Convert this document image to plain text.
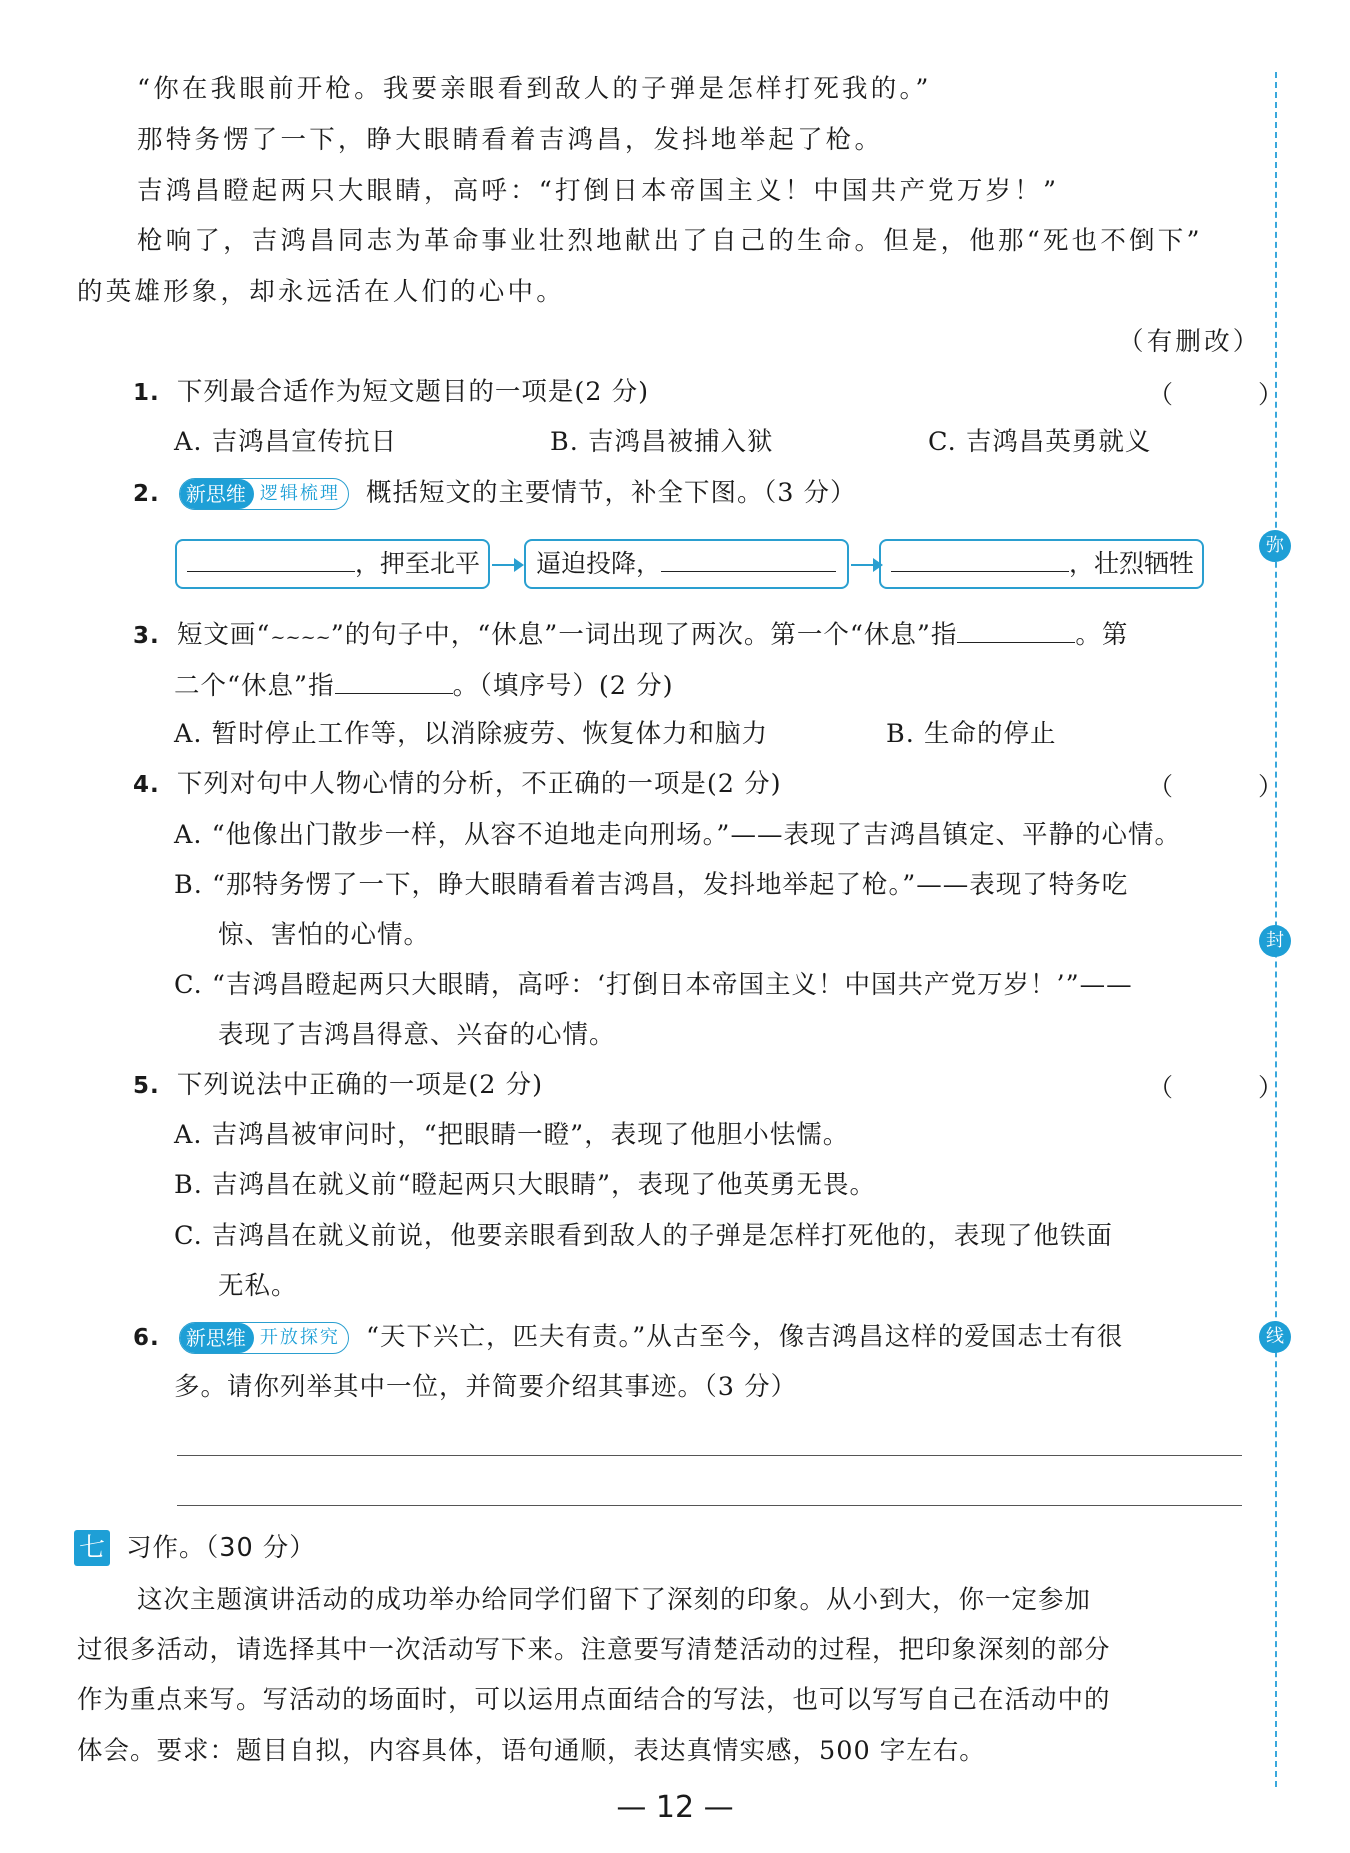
“你在我眼前开枪。我要亲眼看到敌人的子弹是怎样打死我的。”
那特务愣了一下，睁大眼睛看着吉鸿昌，发抖地举起了枪。
吉鸿昌瞪起两只大眼睛，高呼：“打倒日本帝国主义！中国共产党万岁！”
枪响了，吉鸿昌同志为革命事业壮烈地献出了自己的生命。但是，他那“死也不倒下”
的英雄形象，却永远活在人们的心中。
（有删改）
1. 下列最合适作为短文题目的一项是(2 分)	（　）
A. 吉鸿昌宣传抗日	B. 吉鸿昌被捕入狱	C. 吉鸿昌英勇就义
2.	新思维 逻辑梳理	概括短文的主要情节，补全下图。（3 分）
，押至北平	逼迫投降，	，壮烈牺牲
3. 短文画“~~~~”的句子中，“休息”一词出现了两次。第一个“休息”指	。第
二个“休息”指	。（填序号）(2 分)
A. 暂时停止工作等，以消除疲劳、恢复体力和脑力	B. 生命的停止
4. 下列对句中人物心情的分析，不正确的一项是(2 分)	（　）
A. “他像出门散步一样，从容不迫地走向刑场。”——表现了吉鸿昌镇定、平静的心情。
B. “那特务愣了一下，睁大眼睛看着吉鸿昌，发抖地举起了枪。”——表现了特务吃
惊、害怕的心情。
C. “吉鸿昌瞪起两只大眼睛，高呼：‘打倒日本帝国主义！中国共产党万岁！’”——
表现了吉鸿昌得意、兴奋的心情。
5. 下列说法中正确的一项是(2 分)	（　）
A. 吉鸿昌被审问时，“把眼睛一瞪”，表现了他胆小怯懦。
B. 吉鸿昌在就义前“瞪起两只大眼睛”，表现了他英勇无畏。
C. 吉鸿昌在就义前说，他要亲眼看到敌人的子弹是怎样打死他的，表现了他铁面
无私。
6.	新思维 开放探究	“天下兴亡，匹夫有责。”从古至今，像吉鸿昌这样的爱国志士有很
多。请你列举其中一位，并简要介绍其事迹。（3 分）
七 习作。（30 分）
这次主题演讲活动的成功举办给同学们留下了深刻的印象。从小到大，你一定参加
过很多活动，请选择其中一次活动写下来。注意要写清楚活动的过程，把印象深刻的部分
作为重点来写。写活动的场面时，可以运用点面结合的写法，也可以写写自己在活动中的
体会。要求：题目自拟，内容具体，语句通顺，表达真情实感，500 字左右。
弥
封
线
— 12 —
